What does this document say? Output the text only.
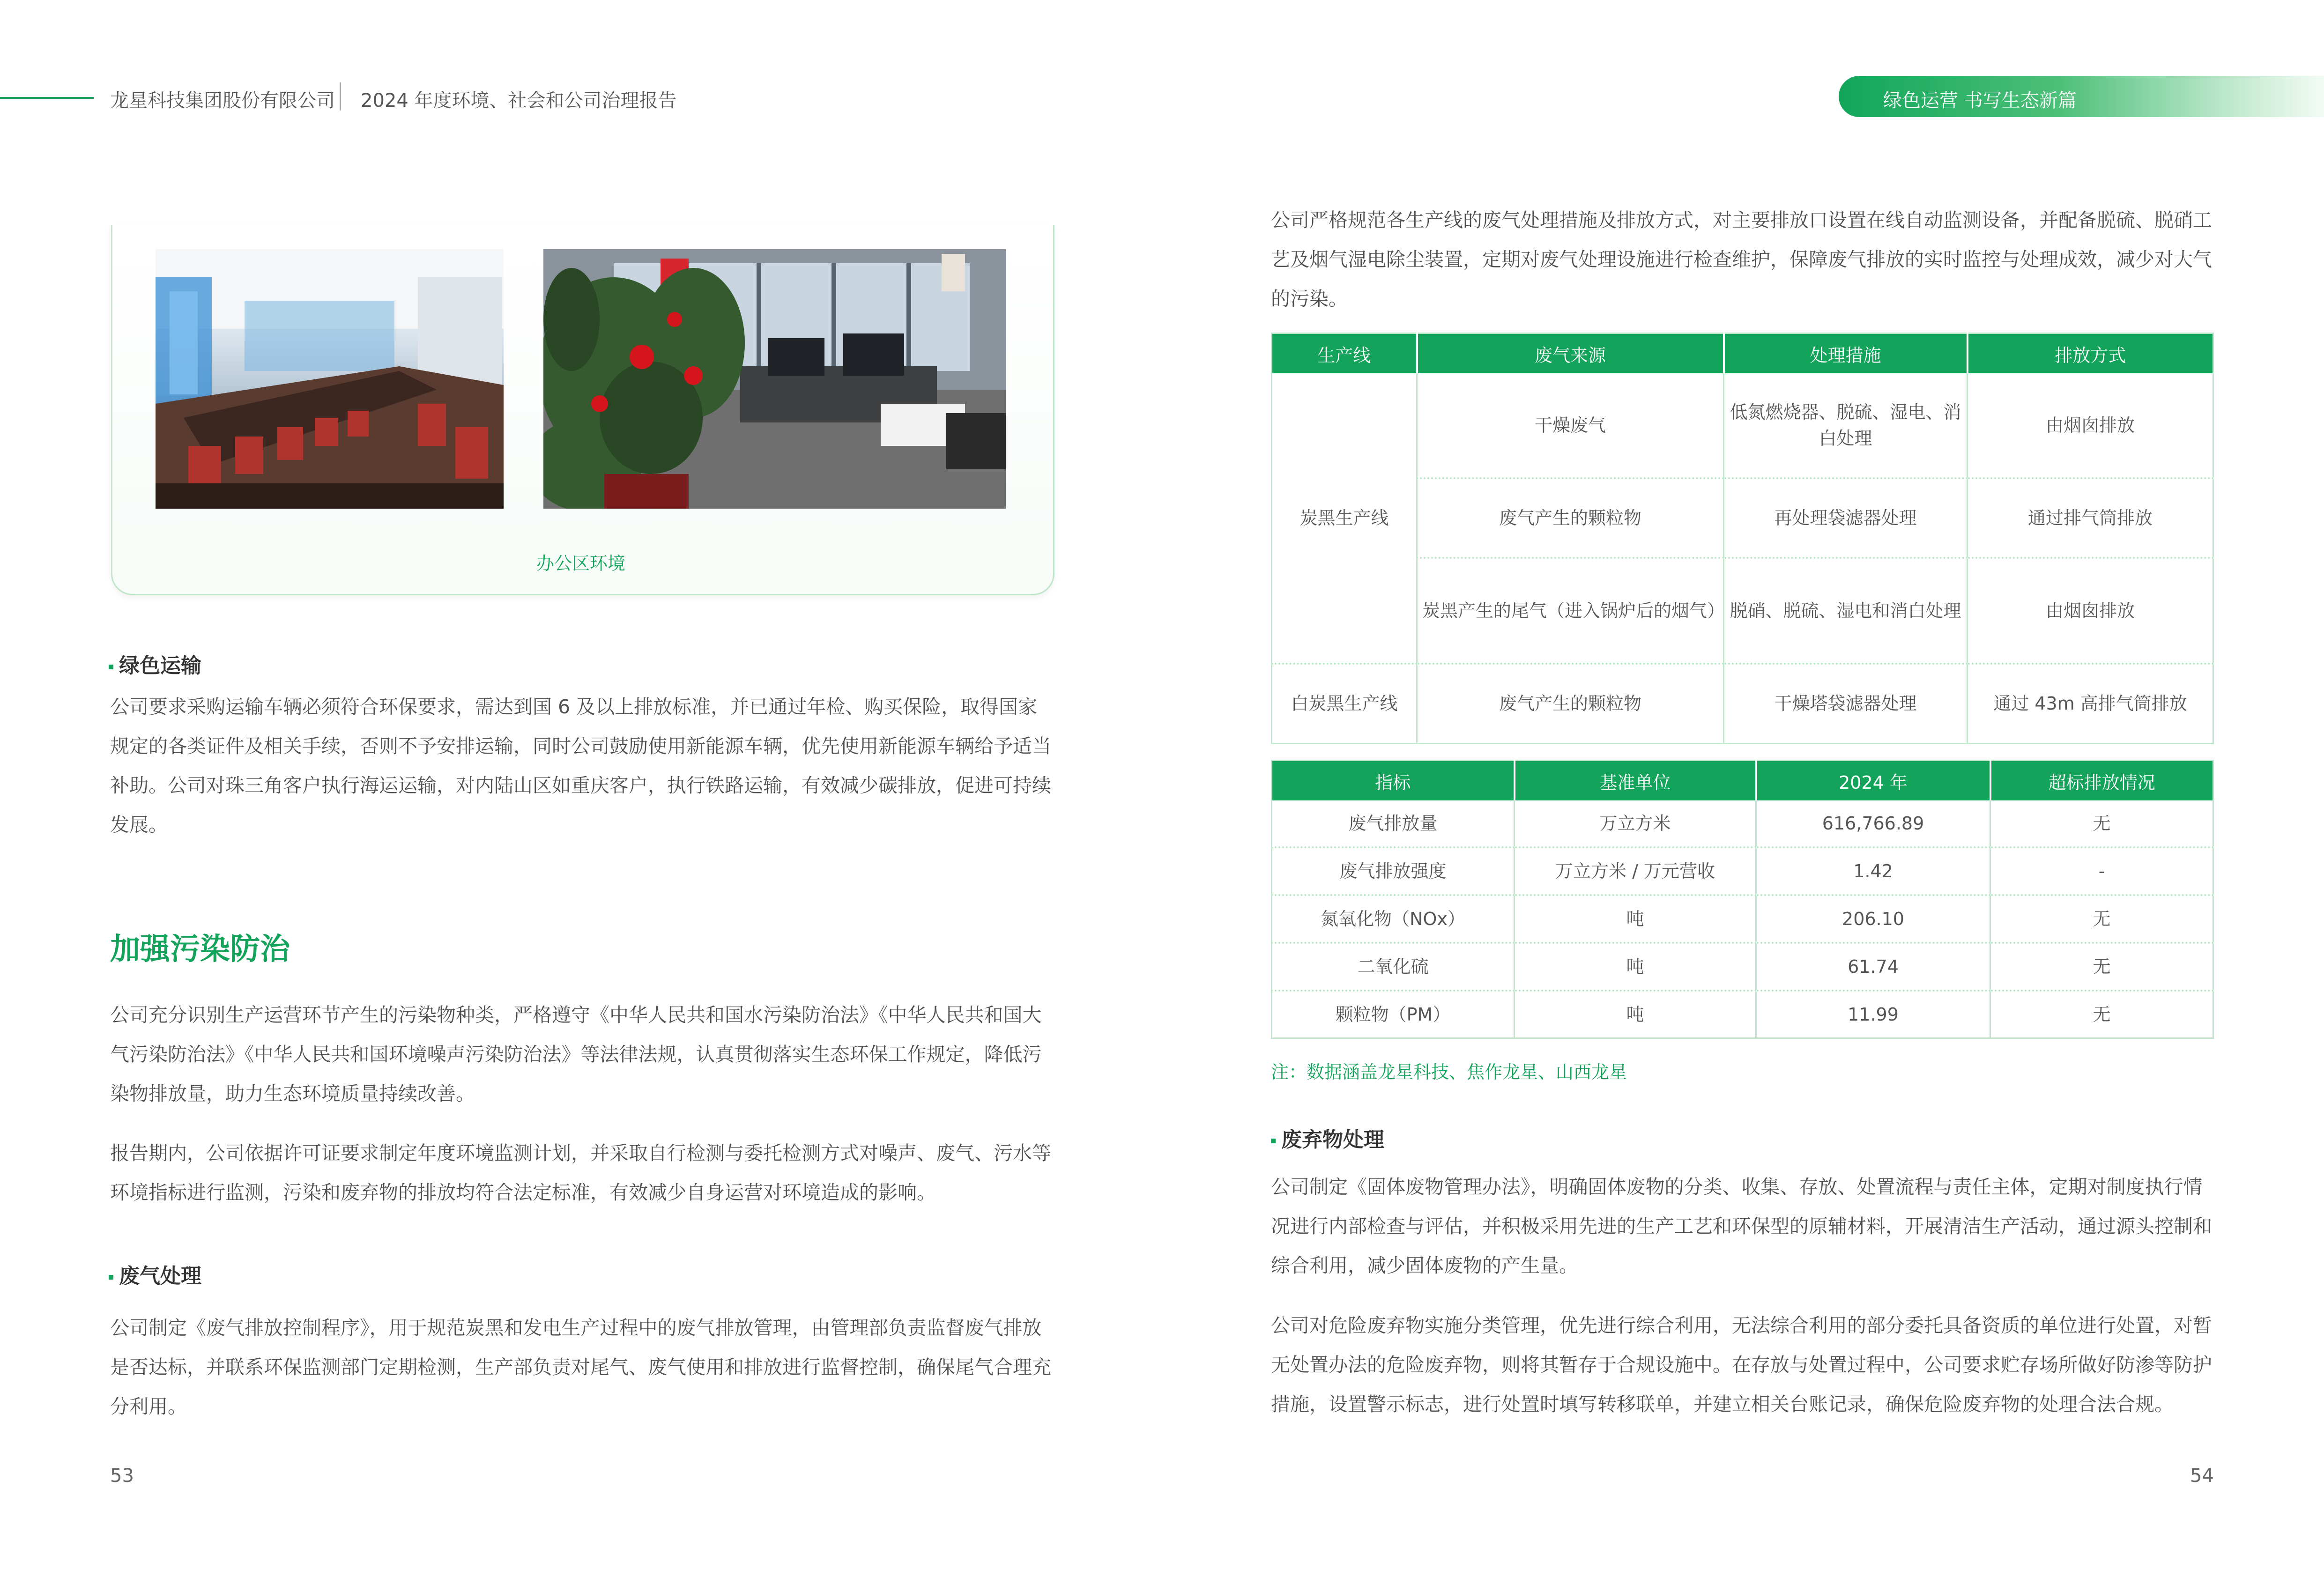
龙星科技集团股份有限公司 2024 年度环境、社会和公司治理报告	绿色运营 书写生态新篇
办公区环境
绿色运输
公司要求采购运输车辆必须符合环保要求，需达到国 6 及以上排放标准，并已通过年检、购买保险，取得国家规定的各类证件及相关手续，否则不予安排运输，同时公司鼓励使用新能源车辆，优先使用新能源车辆给予适当补助。公司对珠三角客户执行海运运输，对内陆山区如重庆客户，执行铁路运输，有效减少碳排放，促进可持续发展。
加强污染防治
公司充分识别生产运营环节产生的污染物种类，严格遵守《中华人民共和国水污染防治法》《中华人民共和国大气污染防治法》《中华人民共和国环境噪声污染防治法》等法律法规，认真贯彻落实生态环保工作规定，降低污染物排放量，助力生态环境质量持续改善。
报告期内，公司依据许可证要求制定年度环境监测计划，并采取自行检测与委托检测方式对噪声、废气、污水等环境指标进行监测，污染和废弃物的排放均符合法定标准，有效减少自身运营对环境造成的影响。
废气处理
公司制定《废气排放控制程序》，用于规范炭黑和发电生产过程中的废气排放管理，由管理部负责监督废气排放是否达标，并联系环保监测部门定期检测，生产部负责对尾气、废气使用和排放进行监督控制，确保尾气合理充分利用。
53
公司严格规范各生产线的废气处理措施及排放方式，对主要排放口设置在线自动监测设备，并配备脱硫、脱硝工艺及烟气湿电除尘装置，定期对废气处理设施进行检查维护，保障废气排放的实时监控与处理成效，减少对大气的污染。
生产线	废气来源	处理措施	排放方式
炭黑生产线	干燥废气	低氮燃烧器、脱硫、湿电、消白处理	由烟囱排放
	废气产生的颗粒物	再处理袋滤器处理	通过排气筒排放
	炭黑产生的尾气（进入锅炉后的烟气）	脱硝、脱硫、湿电和消白处理	由烟囱排放
白炭黑生产线	废气产生的颗粒物	干燥塔袋滤器处理	通过 43m 高排气筒排放
指标	基准单位	2024 年	超标排放情况
废气排放量	万立方米	616,766.89	无
废气排放强度	万立方米 / 万元营收	1.42	-
氮氧化物（NOx）	吨	206.10	无
二氧化硫	吨	61.74	无
颗粒物（PM）	吨	11.99	无
注：数据涵盖龙星科技、焦作龙星、山西龙星
废弃物处理
公司制定《固体废物管理办法》，明确固体废物的分类、收集、存放、处置流程与责任主体，定期对制度执行情况进行内部检查与评估，并积极采用先进的生产工艺和环保型的原辅材料，开展清洁生产活动，通过源头控制和综合利用，减少固体废物的产生量。
公司对危险废弃物实施分类管理，优先进行综合利用，无法综合利用的部分委托具备资质的单位进行处置，对暂无处置办法的危险废弃物，则将其暂存于合规设施中。在存放与处置过程中，公司要求贮存场所做好防渗等防护措施，设置警示标志，进行处置时填写转移联单，并建立相关台账记录，确保危险废弃物的处理合法合规。
54
